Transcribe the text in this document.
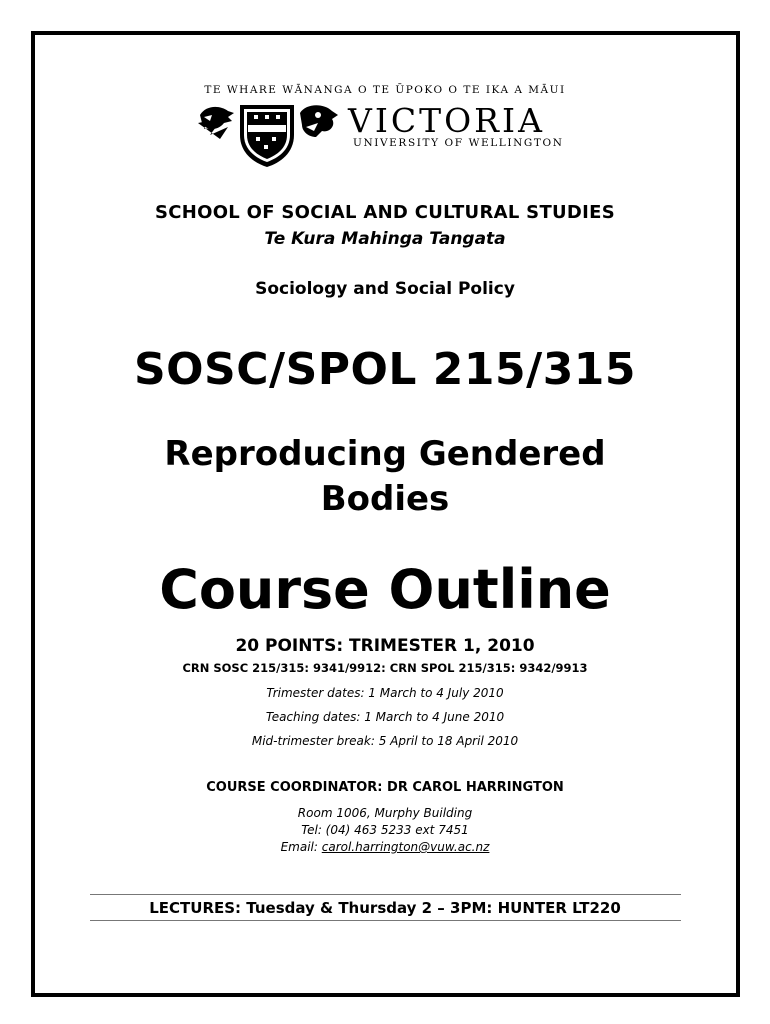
TE WHARE WĀNANGA O TE ŪPOKO O TE IKA A MĀUI
VICTORIA
UNIVERSITY OF WELLINGTON
SCHOOL OF SOCIAL AND CULTURAL STUDIES
Te Kura Mahinga Tangata
Sociology and Social Policy
SOSC/SPOL 215/315
Reproducing Gendered
Bodies
Course Outline
20 POINTS: TRIMESTER 1, 2010
CRN SOSC 215/315: 9341/9912: CRN SPOL 215/315: 9342/9913
Trimester dates: 1 March to 4 July 2010
Teaching dates: 1 March to 4 June 2010
Mid-trimester break: 5 April to 18 April 2010
COURSE COORDINATOR: DR CAROL HARRINGTON
Room 1006, Murphy Building
Tel: (04) 463 5233 ext 7451
Email: carol.harrington@vuw.ac.nz
LECTURES: Tuesday & Thursday 2 – 3PM: HUNTER LT220
